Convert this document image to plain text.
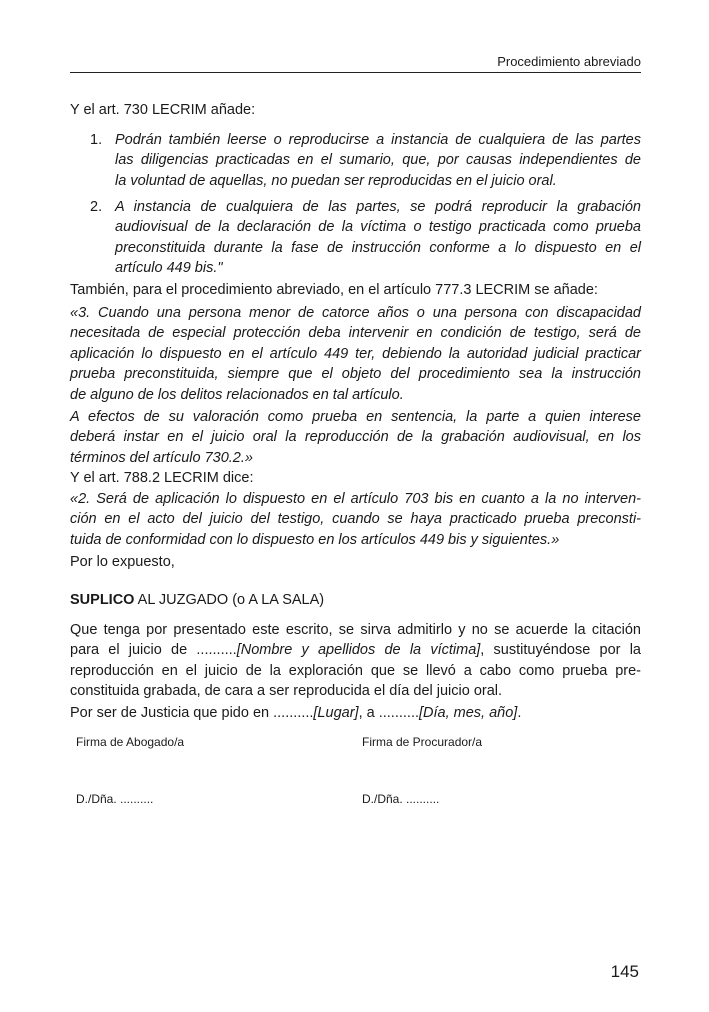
Procedimiento abreviado
Y el art. 730 LECRIM añade:
1. Podrán también leerse o reproducirse a instancia de cualquiera de las partes
las diligencias practicadas en el sumario, que, por causas independientes de
la voluntad de aquellas, no puedan ser reproducidas en el juicio oral.
2. A instancia de cualquiera de las partes, se podrá reproducir la grabación
audiovisual de la declaración de la víctima o testigo practicada como prueba
preconstituida durante la fase de instrucción conforme a lo dispuesto en el
artículo 449 bis."
También, para el procedimiento abreviado, en el artículo 777.3 LECRIM se añade:
«3. Cuando una persona menor de catorce años o una persona con discapacidad
necesitada de especial protección deba intervenir en condición de testigo, será de
aplicación lo dispuesto en el artículo 449 ter, debiendo la autoridad judicial practicar
prueba preconstituida, siempre que el objeto del procedimiento sea la instrucción
de alguno de los delitos relacionados en tal artículo.
A efectos de su valoración como prueba en sentencia, la parte a quien interese
deberá instar en el juicio oral la reproducción de la grabación audiovisual, en los
términos del artículo 730.2.»
Y el art. 788.2 LECRIM dice:
«2. Será de aplicación lo dispuesto en el artículo 703 bis en cuanto a la no interven-
ción en el acto del juicio del testigo, cuando se haya practicado prueba preconsti-
tuida de conformidad con lo dispuesto en los artículos 449 bis y siguientes.»
Por lo expuesto,
SUPLICO AL JUZGADO (o A LA SALA)
Que tenga por presentado este escrito, se sirva admitirlo y no se acuerde la citación
para el juicio de ..........[Nombre y apellidos de la víctima], sustituyéndose por la
reproducción en el juicio de la exploración que se llevó a cabo como prueba pre-
constituida grabada, de cara a ser reproducida el día del juicio oral.
Por ser de Justicia que pido en ..........[Lugar], a ..........[Día, mes, año].
Firma de Abogado/a	Firma de Procurador/a
D./Dña. ..........	D./Dña. ..........
145
